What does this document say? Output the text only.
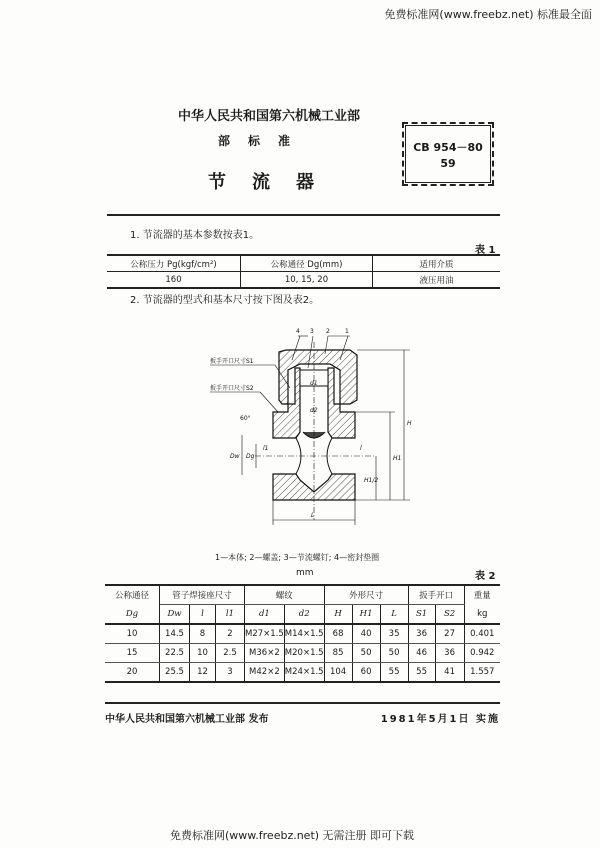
免费标准网(www.freebz.net) 标准最全面
中华人民共和国第六机械工业部
部标准
节流器
CB 954－80
59
1. 节流器的基本参数按表1。
表 1
公称压力 Pg(kgf/cm²)	公称通径 Dg(mm)	适用介质
160	10, 15, 20	液压用油
2. 节流器的型式和基本尺寸按下图及表2。
4 3 2	1
扳手开口尺寸S1
扳手开口尺寸S2
60°
d1
d2
Dw Dg
l1	l
H
H1
H1/2
L
1—本体; 2—螺盖; 3—节流螺钉; 4—密封垫圈
mm	表 2
公称通径	管子焊接座尺寸			螺纹		外形尺寸			扳手开口		重量
Dg	Dw	l	l1	d1	d2	H	H1	L	S1	S2	kg
10	14.5	8	2	M27×1.5	M14×1.5	68	40	35	36	27	0.401
15	22.5	10	2.5	M36×2	M20×1.5	85	50	50	46	36	0.942
20	25.5	12	3	M42×2	M24×1.5	104	60	55	55	41	1.557
中华人民共和国第六机械工业部 发布	1981年5月1日 实施
免费标准网(www.freebz.net) 无需注册 即可下载
